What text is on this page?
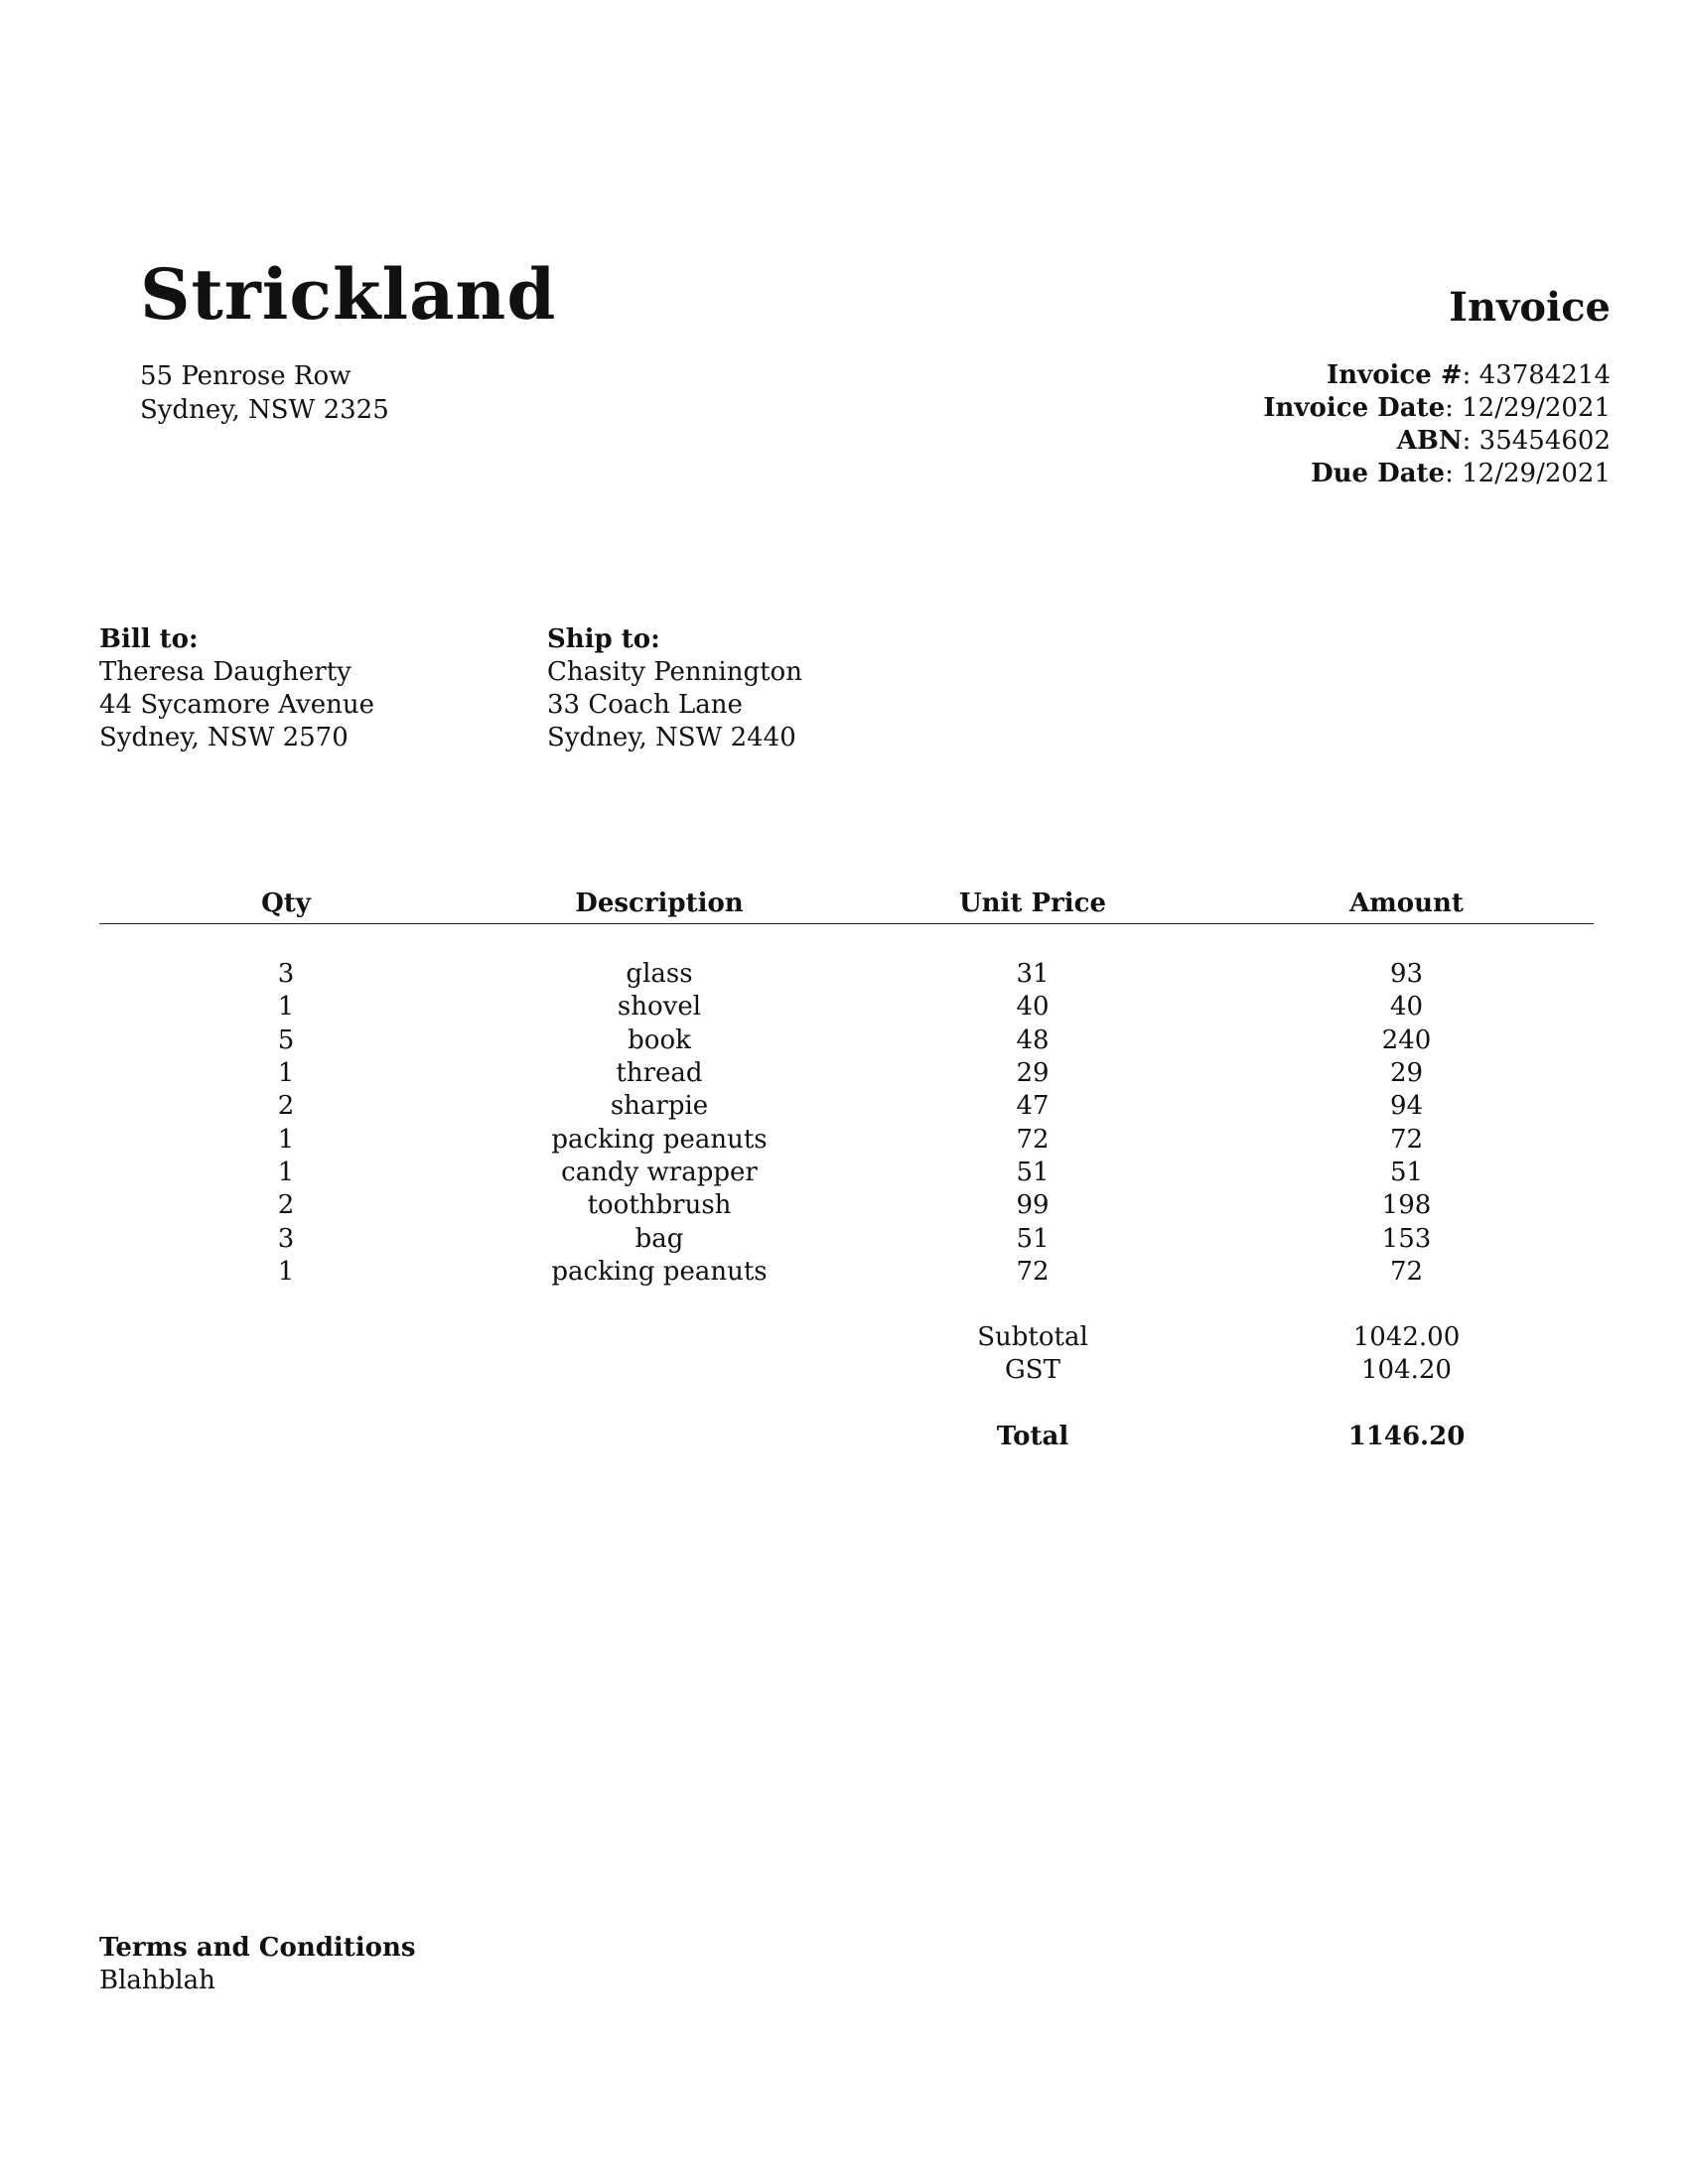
Strickland
55 Penrose Row
Sydney, NSW 2325
Invoice
Invoice #: 43784214
Invoice Date: 12/29/2021
ABN: 35454602
Due Date: 12/29/2021
Bill to:
Theresa Daugherty
44 Sycamore Avenue
Sydney, NSW 2570
Ship to:
Chasity Pennington
33 Coach Lane
Sydney, NSW 2440
Qty	Description	Unit Price	Amount

3	glass	31	93
1	shovel	40	40
5	book	48	240
1	thread	29	29
2	sharpie	47	94
1	packing peanuts	72	72
1	candy wrapper	51	51
2	toothbrush	99	198
3	bag	51	153
1	packing peanuts	72	72

		Subtotal	1042.00
		GST	104.20

		Total	1146.20
Terms and Conditions
Blahblah
